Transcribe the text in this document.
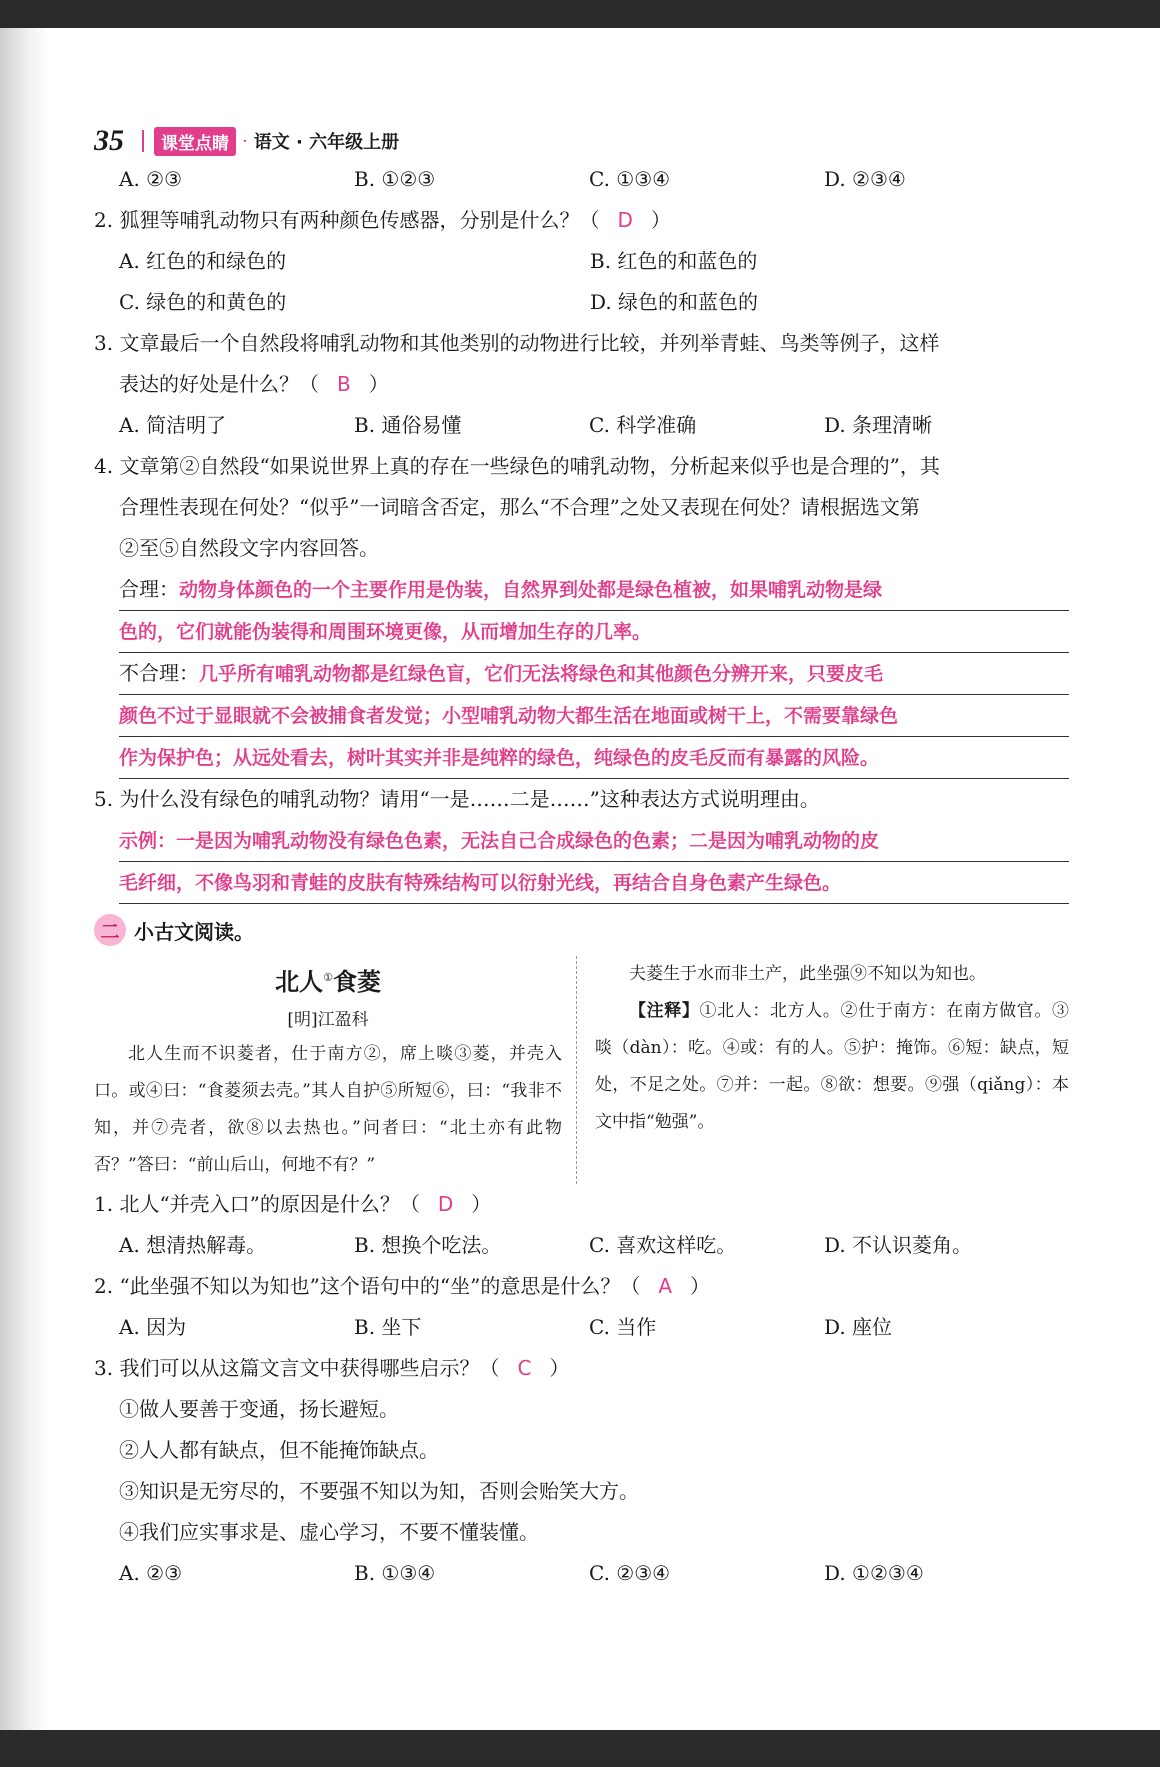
35	课堂点睛 · 语文 · 六年级上册
A. ②③	B. ①②③	C. ①③④	D. ②③④
2. 狐狸等哺乳动物只有两种颜色传感器，分别是什么？（ D ）
A. 红色的和绿色的	B. 红色的和蓝色的
C. 绿色的和黄色的	D. 绿色的和蓝色的
3. 文章最后一个自然段将哺乳动物和其他类别的动物进行比较，并列举青蛙、鸟类等例子，这样
表达的好处是什么？（ B ）
A. 简洁明了	B. 通俗易懂	C. 科学准确	D. 条理清晰
4. 文章第②自然段“如果说世界上真的存在一些绿色的哺乳动物，分析起来似乎也是合理的”，其
合理性表现在何处？“似乎”一词暗含否定，那么“不合理”之处又表现在何处？请根据选文第
②至⑤自然段文字内容回答。
合理：动物身体颜色的一个主要作用是伪装，自然界到处都是绿色植被，如果哺乳动物是绿
色的，它们就能伪装得和周围环境更像，从而增加生存的几率。
不合理：几乎所有哺乳动物都是红绿色盲，它们无法将绿色和其他颜色分辨开来，只要皮毛
颜色不过于显眼就不会被捕食者发觉；小型哺乳动物大都生活在地面或树干上，不需要靠绿色
作为保护色；从远处看去，树叶其实并非是纯粹的绿色，纯绿色的皮毛反而有暴露的风险。
5. 为什么没有绿色的哺乳动物？请用“一是……二是……”这种表达方式说明理由。
示例：一是因为哺乳动物没有绿色色素，无法自己合成绿色的色素；二是因为哺乳动物的皮
毛纤细，不像鸟羽和青蛙的皮肤有特殊结构可以衍射光线，再结合自身色素产生绿色。
二 小古文阅读。
北人①食菱
[明]江盈科
北人生而不识菱者，仕于南方②，席上啖③菱，并壳入口。或④曰：“食菱须去壳。”其人自护⑤所短⑥，曰：“我非不知，并⑦壳者，欲⑧以去热也。”问者曰：“北土亦有此物否？”答曰：“前山后山，何地不有？”
夫菱生于水而非土产，此坐强⑨不知以为知也。
【注释】①北人：北方人。②仕于南方：在南方做官。③啖（dàn）：吃。④或：有的人。⑤护：掩饰。⑥短：缺点，短处，不足之处。⑦并：一起。⑧欲：想要。⑨强（qiǎng）：本文中指“勉强”。
1. 北人“并壳入口”的原因是什么？（ D ）
A. 想清热解毒。	B. 想换个吃法。	C. 喜欢这样吃。	D. 不认识菱角。
2. “此坐强不知以为知也”这个语句中的“坐”的意思是什么？（ A ）
A. 因为	B. 坐下	C. 当作	D. 座位
3. 我们可以从这篇文言文中获得哪些启示？（ C ）
①做人要善于变通，扬长避短。
②人人都有缺点，但不能掩饰缺点。
③知识是无穷尽的，不要强不知以为知，否则会贻笑大方。
④我们应实事求是、虚心学习，不要不懂装懂。
A. ②③	B. ①③④	C. ②③④	D. ①②③④
